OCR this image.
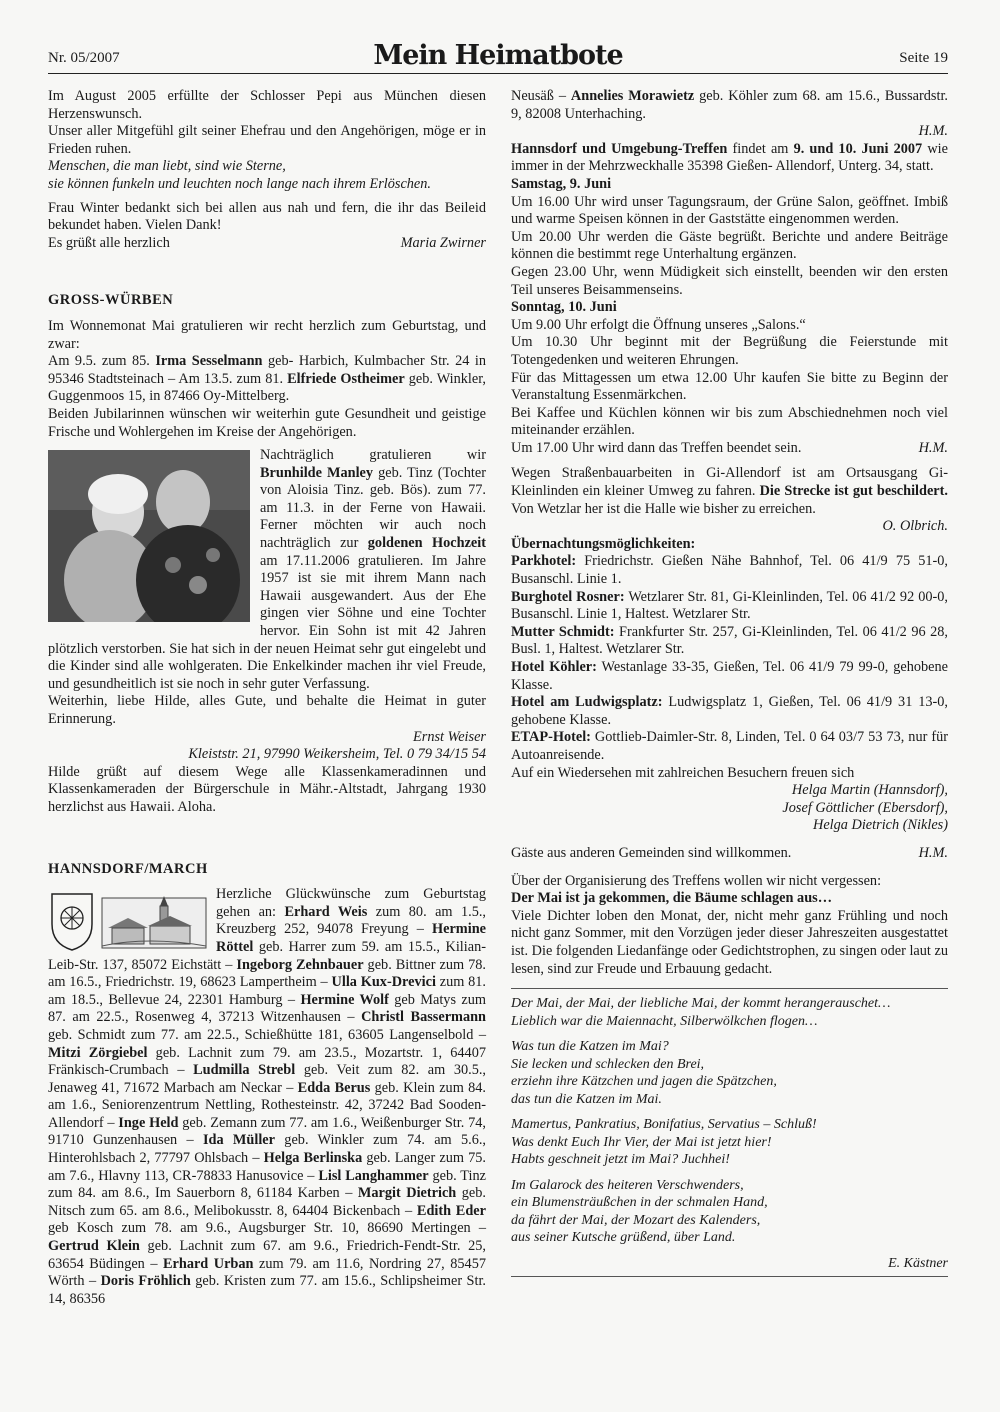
Nr. 05/2007	Mein Heimatbote	Seite 19

Im August 2005 erfüllte der Schlosser Pepi aus München diesen Herzenswunsch.

Unser aller Mitgefühl gilt seiner Ehefrau und den Angehörigen, möge er in Frieden ruhen.

Menschen, die man liebt, sind wie Sterne,

sie können funkeln und leuchten noch lange nach ihrem Erlöschen.

Frau Winter bedankt sich bei allen aus nah und fern, die ihr das Beileid bekundet haben. Vielen Dank!

Es grüßt alle herzlich	Maria Zwirner

GROSS-WÜRBEN

Im Wonnemonat Mai gratulieren wir recht herzlich zum Geburtstag, und zwar:

Am 9.5. zum 85. Irma Sesselmann geb- Harbich, Kulmbacher Str. 24 in 95346 Stadtsteinach – Am 13.5. zum 81. Elfriede Ostheimer geb. Winkler, Guggenmoos 15, in 87466 Oy-Mittelberg.

Beiden Jubilarinnen wünschen wir weiterhin gute Gesundheit und geistige Frische und Wohlergehen im Kreise der Angehörigen.

Nachträglich gratulieren wir Brunhilde Manley geb. Tinz (Tochter von Aloisia Tinz. geb. Bös). zum 77. am 11.3. in der Ferne von Hawaii. Ferner möchten wir auch noch nachträglich zur goldenen Hochzeit am 17.11.2006 gratulieren. Im Jahre 1957 ist sie mit ihrem Mann nach Hawaii ausgewandert. Aus der Ehe gingen vier Söhne und eine Tochter hervor. Ein Sohn ist mit 42 Jahren plötzlich verstorben. Sie hat sich in der neuen Heimat sehr gut eingelebt und die Kinder sind alle wohlgeraten. Die Enkelkinder machen ihr viel Freude, und gesundheitlich ist sie noch in sehr guter Verfassung.

Weiterhin, liebe Hilde, alles Gute, und behalte die Heimat in guter Erinnerung.

Ernst Weiser

Kleiststr. 21, 97990 Weikersheim, Tel. 0 79 34/15 54

Hilde grüßt auf diesem Wege alle Klassenkameradinnen und Klassenkameraden der Bürgerschule in Mähr.-Altstadt, Jahrgang 1930 herzlichst aus Hawaii. Aloha.

HANNSDORF/MARCH

Herzliche Glückwünsche zum Geburtstag gehen an: Erhard Weis zum 80. am 1.5., Kreuzberg 252, 94078 Freyung – Hermine Röttel geb. Harrer zum 59. am 15.5., Kilian-Leib-Str. 137, 85072 Eichstätt – Ingeborg Zehnbauer geb. Bittner zum 78. am 16.5., Friedrichstr. 19, 68623 Lampertheim – Ulla Kux-Drevici zum 81. am 18.5., Bellevue 24, 22301 Hamburg – Hermine Wolf geb Matys zum 87. am 22.5., Rosenweg 4, 37213 Witzenhausen – Christl Bassermann geb. Schmidt zum 77. am 22.5., Schießhütte 181, 63605 Langenselbold – Mitzi Zörgiebel geb. Lachnit zum 79. am 23.5., Mozartstr. 1, 64407 Fränkisch-Crumbach – Ludmilla Strebl geb. Veit zum 82. am 30.5., Jenaweg 41, 71672 Marbach am Neckar – Edda Berus geb. Klein zum 84. am 1.6., Seniorenzentrum Nettling, Rothesteinstr. 42, 37242 Bad Sooden-Allendorf – Inge Held geb. Zemann zum 77. am 1.6., Weißenburger Str. 74, 91710 Gunzenhausen – Ida Müller geb. Winkler zum 74. am 5.6., Hinterohlsbach 2, 77797 Ohlsbach – Helga Berlinska geb. Langer zum 75. am 7.6., Hlavny 113, CR-78833 Hanusovice – Lisl Langhammer geb. Tinz zum 84. am 8.6., Im Sauerborn 8, 61184 Karben – Margit Dietrich geb. Nitsch zum 65. am 8.6., Melibokusstr. 8, 64404 Bickenbach – Edith Eder geb Kosch zum 78. am 9.6., Augsburger Str. 10, 86690 Mertingen – Gertrud Klein geb. Lachnit zum 67. am 9.6., Friedrich-Fendt-Str. 25, 63654 Büdingen – Erhard Urban zum 79. am 11.6, Nordring 27, 85457 Wörth – Doris Fröhlich geb. Kristen zum 77. am 15.6., Schlipsheimer Str. 14, 86356

Neusäß – Annelies Morawietz geb. Köhler zum 68. am 15.6., Bussardstr. 9, 82008 Unterhaching.

H.M.

Hannsdorf und Umgebung-Treffen findet am 9. und 10. Juni 2007 wie immer in der Mehrzweckhalle 35398 Gießen- Allendorf, Unterg. 34, statt.

Samstag, 9. Juni

Um 16.00 Uhr wird unser Tagungsraum, der Grüne Salon, geöffnet. Imbiß und warme Speisen können in der Gaststätte eingenommen werden.

Um 20.00 Uhr werden die Gäste begrüßt. Berichte und andere Beiträge können die bestimmt rege Unterhaltung ergänzen.

Gegen 23.00 Uhr, wenn Müdigkeit sich einstellt, beenden wir den ersten Teil unseres Beisammenseins.

Sonntag, 10. Juni

Um 9.00 Uhr erfolgt die Öffnung unseres „Salons.“

Um 10.30 Uhr beginnt mit der Begrüßung die Feierstunde mit Totengedenken und weiteren Ehrungen.

Für das Mittagessen um etwa 12.00 Uhr kaufen Sie bitte zu Beginn der Veranstaltung Essenmärkchen.

Bei Kaffee und Küchlen können wir bis zum Abschiednehmen noch viel miteinander erzählen.

Um 17.00 Uhr wird dann das Treffen beendet sein.	H.M.

Wegen Straßenbauarbeiten in Gi-Allendorf ist am Ortsausgang Gi-Kleinlinden ein kleiner Umweg zu fahren. Die Strecke ist gut beschildert. Von Wetzlar her ist die Halle wie bisher zu erreichen.

O. Olbrich.

Übernachtungsmöglichkeiten:

Parkhotel: Friedrichstr. Gießen Nähe Bahnhof, Tel. 06 41/9 75 51-0, Busanschl. Linie 1.

Burghotel Rosner: Wetzlarer Str. 81, Gi-Kleinlinden, Tel. 06 41/2 92 00-0, Busanschl. Linie 1, Haltest. Wetzlarer Str.

Mutter Schmidt: Frankfurter Str. 257, Gi-Kleinlinden, Tel. 06 41/2 96 28, Busl. 1, Haltest. Wetzlarer Str.

Hotel Köhler: Westanlage 33-35, Gießen, Tel. 06 41/9 79 99-0, gehobene Klasse.

Hotel am Ludwigsplatz: Ludwigsplatz 1, Gießen, Tel. 06 41/9 31 13-0, gehobene Klasse.

ETAP-Hotel: Gottlieb-Daimler-Str. 8, Linden, Tel. 0 64 03/7 53 73, nur für Autoanreisende.

Auf ein Wiedersehen mit zahlreichen Besuchern freuen sich

Helga Martin (Hannsdorf),

Josef Göttlicher (Ebersdorf),

Helga Dietrich (Nikles)

Gäste aus anderen Gemeinden sind willkommen.	H.M.

Über der Organisierung des Treffens wollen wir nicht vergessen:

Der Mai ist ja gekommen, die Bäume schlagen aus…

Viele Dichter loben den Monat, der, nicht mehr ganz Frühling und noch nicht ganz Sommer, mit den Vorzügen jeder dieser Jahreszeiten ausgestattet ist. Die folgenden Liedanfänge oder Gedichtstrophen, zu singen oder laut zu lesen, sind zur Freude und Erbauung gedacht.

Der Mai, der Mai, der liebliche Mai, der kommt herangerauschet…
Lieblich war die Maiennacht, Silberwölkchen flogen…

Was tun die Katzen im Mai?
Sie lecken und schlecken den Brei,
erziehn ihre Kätzchen und jagen die Spätzchen,
das tun die Katzen im Mai.

Mamertus, Pankratius, Bonifatius, Servatius – Schluß!
Was denkt Euch Ihr Vier, der Mai ist jetzt hier!
Habts geschneit jetzt im Mai? Juchhei!

Im Galarock des heiteren Verschwenders,
ein Blumensträußchen in der schmalen Hand,
da fährt der Mai, der Mozart des Kalenders,
aus seiner Kutsche grüßend, über Land.

E. Kästner
